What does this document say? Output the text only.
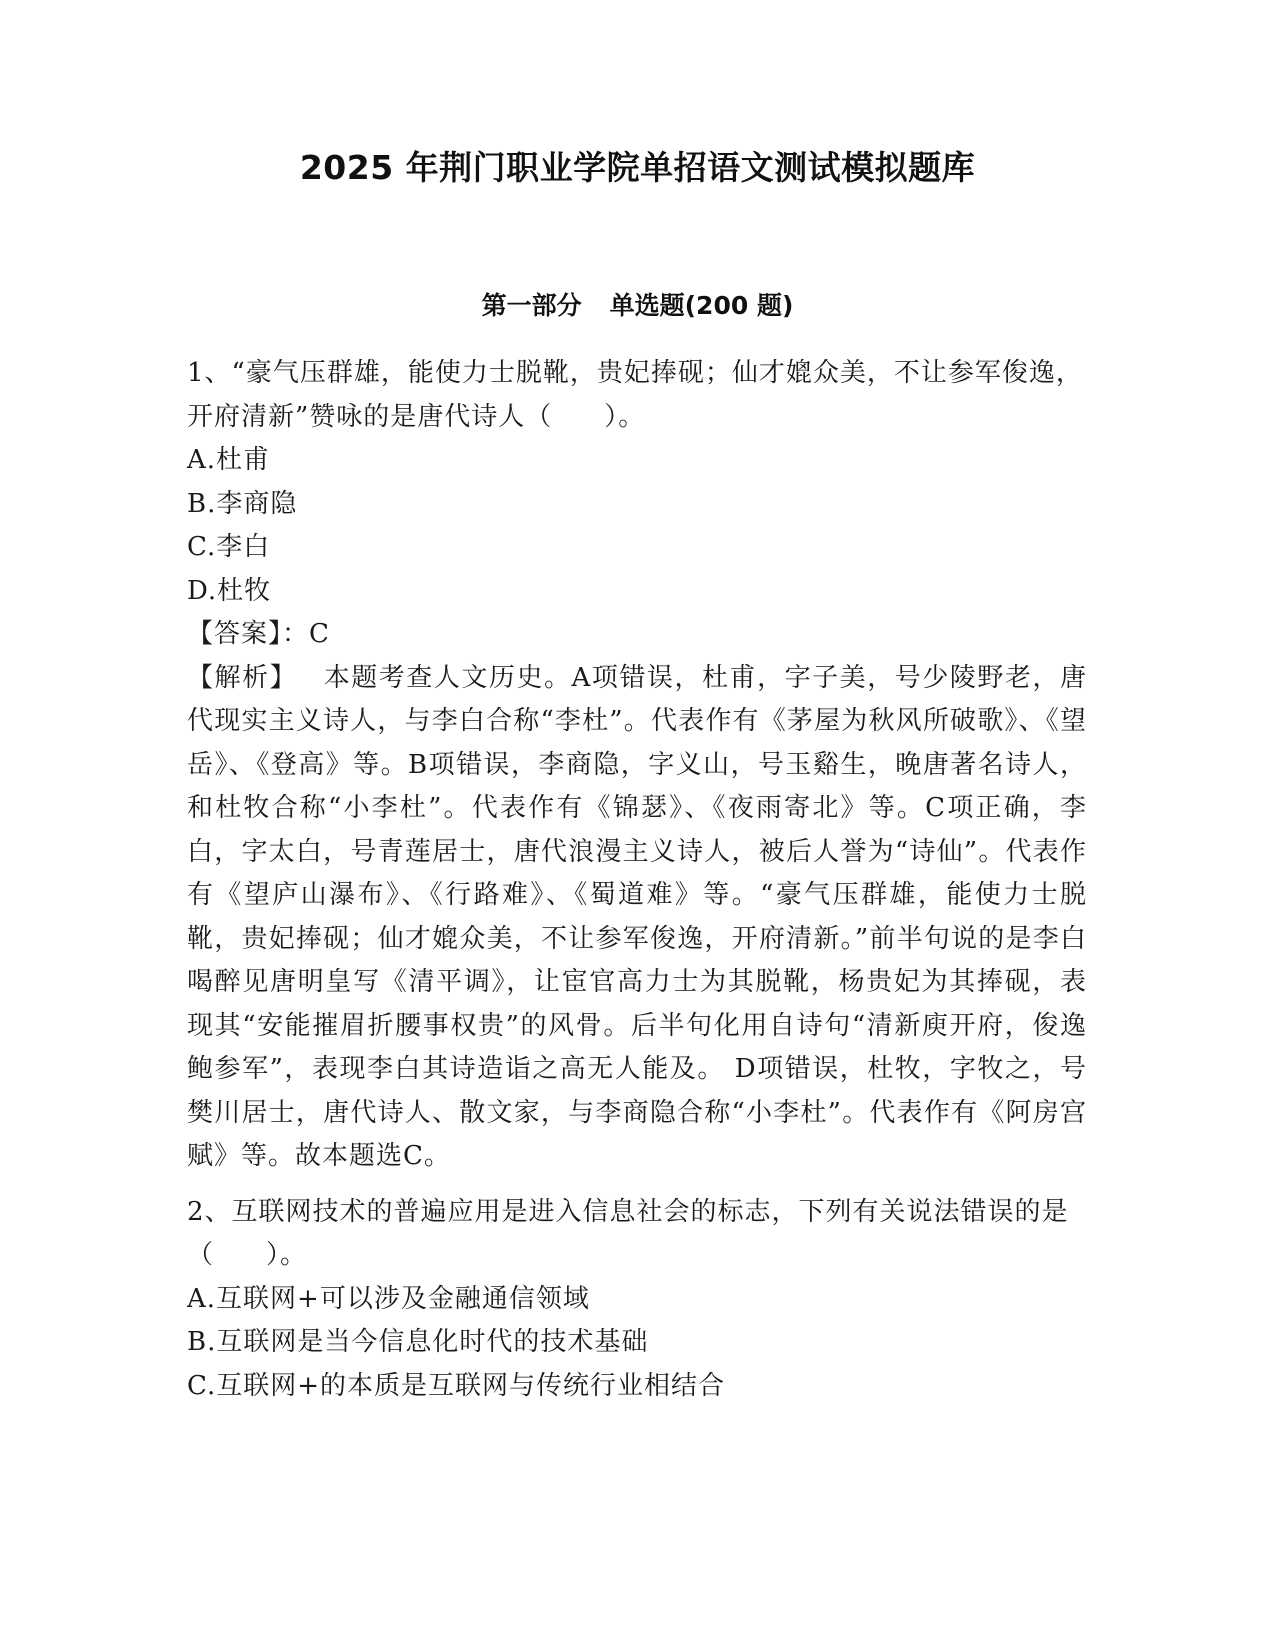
2025 年荆门职业学院单招语文测试模拟题库
第一部分 单选题(200 题)

1、“豪气压群雄，能使力士脱靴，贵妃捧砚；仙才媲众美，不让参军俊逸，开府清新”赞咏的是唐代诗人（ ）。

A.杜甫

B.李商隐

C.李白

D.杜牧

【答案】：C

【解析】 本题考查人文历史。A项错误，杜甫，字子美，号少陵野老，唐代现实主义诗人，与李白合称“李杜”。代表作有《茅屋为秋风所破歌》、《望岳》、《登高》等。B项错误，李商隐，字义山，号玉谿生，晚唐著名诗人，和杜牧合称“小李杜”。代表作有《锦瑟》、《夜雨寄北》等。C项正确，李白，字太白，号青莲居士，唐代浪漫主义诗人，被后人誉为“诗仙”。代表作有《望庐山瀑布》、《行路难》、《蜀道难》等。“豪气压群雄，能使力士脱靴，贵妃捧砚；仙才媲众美，不让参军俊逸，开府清新。”前半句说的是李白喝醉见唐明皇写《清平调》，让宦官高力士为其脱靴，杨贵妃为其捧砚，表现其“安能摧眉折腰事权贵”的风骨。后半句化用自诗句“清新庾开府，俊逸鲍参军”，表现李白其诗造诣之高无人能及。 D项错误，杜牧，字牧之，号樊川居士，唐代诗人、散文家，与李商隐合称“小李杜”。代表作有《阿房宫赋》等。故本题选C。

2、互联网技术的普遍应用是进入信息社会的标志，下列有关说法错误的是（ ）。

A.互联网+可以涉及金融通信领域

B.互联网是当今信息化时代的技术基础

C.互联网+的本质是互联网与传统行业相结合
